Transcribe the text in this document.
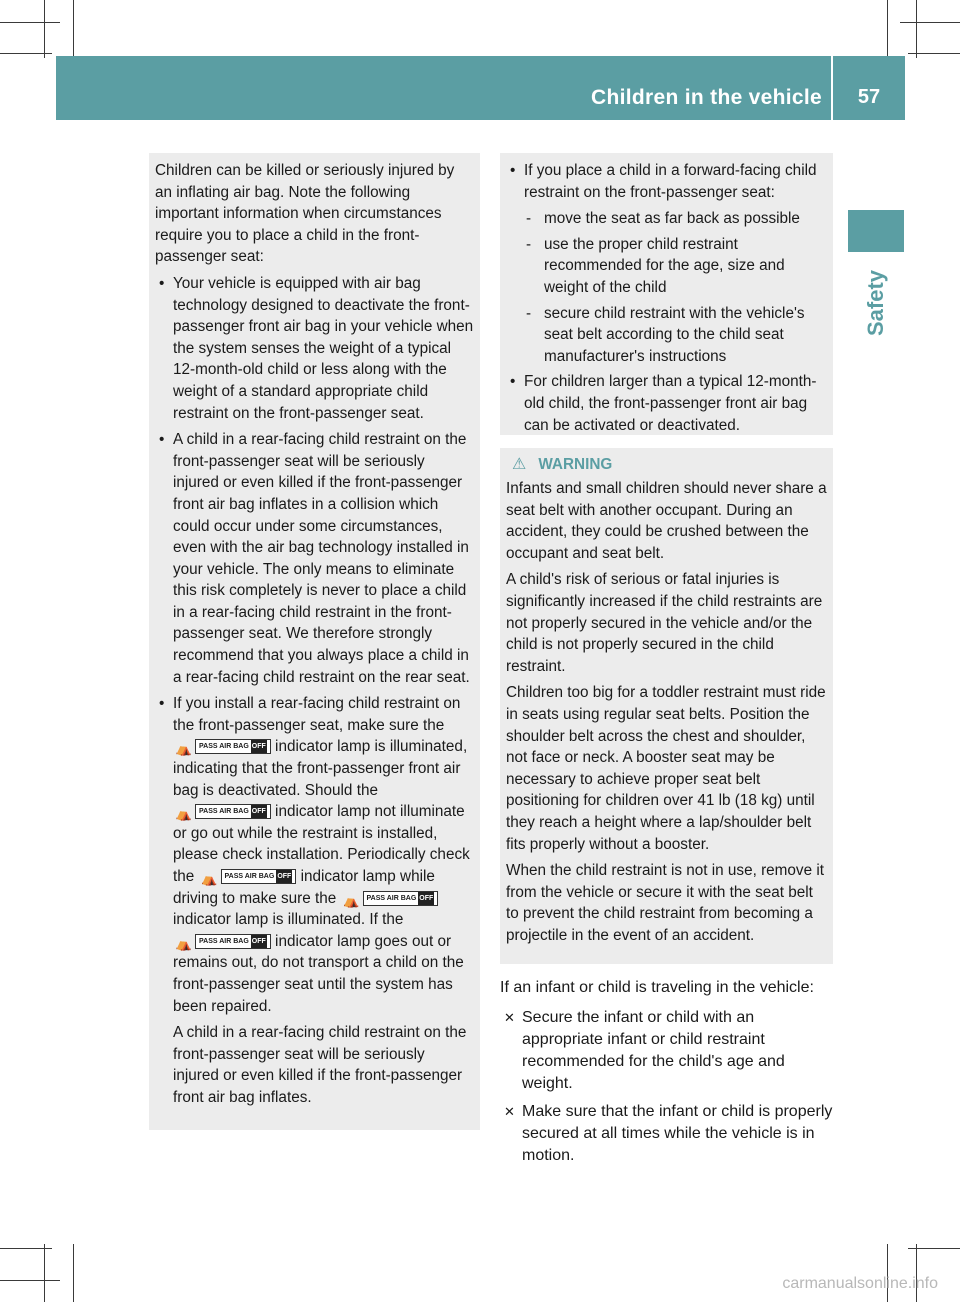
Children in the vehicle	57
Safety

Children can be killed or seriously injured by an inflating air bag. Note the following important information when circumstances require you to place a child in the front-passenger seat:

• Your vehicle is equipped with air bag technology designed to deactivate the front-passenger front air bag in your vehicle when the system senses the weight of a typical 12-month-old child or less along with the weight of a standard appropriate child restraint on the front-passenger seat.
• A child in a rear-facing child restraint on the front-passenger seat will be seriously injured or even killed if the front-passenger front air bag inflates in a collision which could occur under some circumstances, even with the air bag technology installed in your vehicle. The only means to eliminate this risk completely is never to place a child in a rear-facing child restraint in the front-passenger seat. We therefore strongly recommend that you always place a child in a rear-facing child restraint on the rear seat.
• If you install a rear-facing child restraint on the front-passenger seat, make sure the ⛺ PASS AIR BAG OFF indicator lamp is illuminated, indicating that the front-passenger front air bag is deactivated. Should the ⛺ PASS AIR BAG OFF indicator lamp not illuminate or go out while the restraint is installed, please check installation. Periodically check the ⛺ PASS AIR BAG OFF indicator lamp while driving to make sure the ⛺ PASS AIR BAG OFF indicator lamp is illuminated. If the ⛺ PASS AIR BAG OFF indicator lamp goes out or remains out, do not transport a child on the front-passenger seat until the system has been repaired.

A child in a rear-facing child restraint on the front-passenger seat will be seriously injured or even killed if the front-passenger front air bag inflates.

• If you place a child in a forward-facing child restraint on the front-passenger seat:
- move the seat as far back as possible
- use the proper child restraint recommended for the age, size and weight of the child
- secure child restraint with the vehicle's seat belt according to the child seat manufacturer's instructions
• For children larger than a typical 12-month-old child, the front-passenger front air bag can be activated or deactivated.
⚠ WARNING

Infants and small children should never share a seat belt with another occupant. During an accident, they could be crushed between the occupant and seat belt.

A child's risk of serious or fatal injuries is significantly increased if the child restraints are not properly secured in the vehicle and/or the child is not properly secured in the child restraint.

Children too big for a toddler restraint must ride in seats using regular seat belts. Position the shoulder belt across the chest and shoulder, not face or neck. A booster seat may be necessary to achieve proper seat belt positioning for children over 41 lb (18 kg) until they reach a height where a lap/shoulder belt fits properly without a booster.

When the child restraint is not in use, remove it from the vehicle or secure it with the seat belt to prevent the child restraint from becoming a projectile in the event of an accident.

If an infant or child is traveling in the vehicle:

✕ Secure the infant or child with an appropriate infant or child restraint recommended for the child's age and weight.
✕ Make sure that the infant or child is properly secured at all times while the vehicle is in motion.
carmanualsonline.info
